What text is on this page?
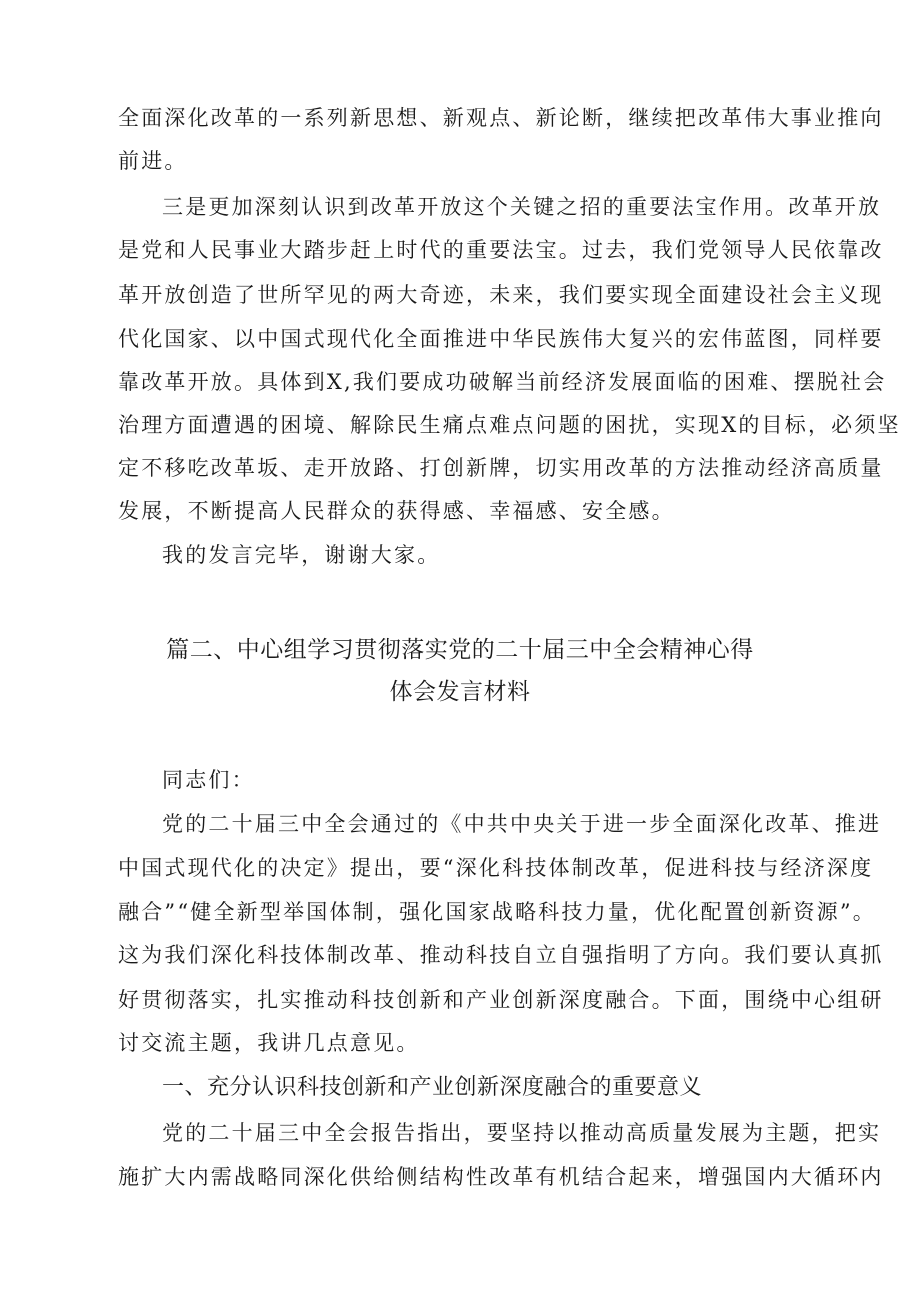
全面深化改革的一系列新思想、新观点、新论断，继续把改革伟大事业推向
前进。
三是更加深刻认识到改革开放这个关键之招的重要法宝作用。改革开放
是党和人民事业大踏步赶上时代的重要法宝。过去，我们党领导人民依靠改
革开放创造了世所罕见的两大奇迹，未来，我们要实现全面建设社会主义现
代化国家、以中国式现代化全面推进中华民族伟大复兴的宏伟蓝图，同样要
靠改革开放。具体到X,我们要成功破解当前经济发展面临的困难、摆脱社会
治理方面遭遇的困境、解除民生痛点难点问题的困扰，实现X的目标，必须坚
定不移吃改革坂、走开放路、打创新牌，切实用改革的方法推动经济高质量
发展，不断提高人民群众的获得感、幸福感、安全感。
我的发言完毕，谢谢大家。
篇二、中心组学习贯彻落实党的二十届三中全会精神心得
体会发言材料
同志们：
党的二十届三中全会通过的《中共中央关于进一步全面深化改革、推进
中国式现代化的决定》提出，要“深化科技体制改革，促进科技与经济深度
融合”“健全新型举国体制，强化国家战略科技力量，优化配置创新资源”。
这为我们深化科技体制改革、推动科技自立自强指明了方向。我们要认真抓
好贯彻落实，扎实推动科技创新和产业创新深度融合。下面，围绕中心组研
讨交流主题，我讲几点意见。
一、充分认识科技创新和产业创新深度融合的重要意义
党的二十届三中全会报告指出，要坚持以推动高质量发展为主题，把实
施扩大内需战略同深化供给侧结构性改革有机结合起来，增强国内大循环内
